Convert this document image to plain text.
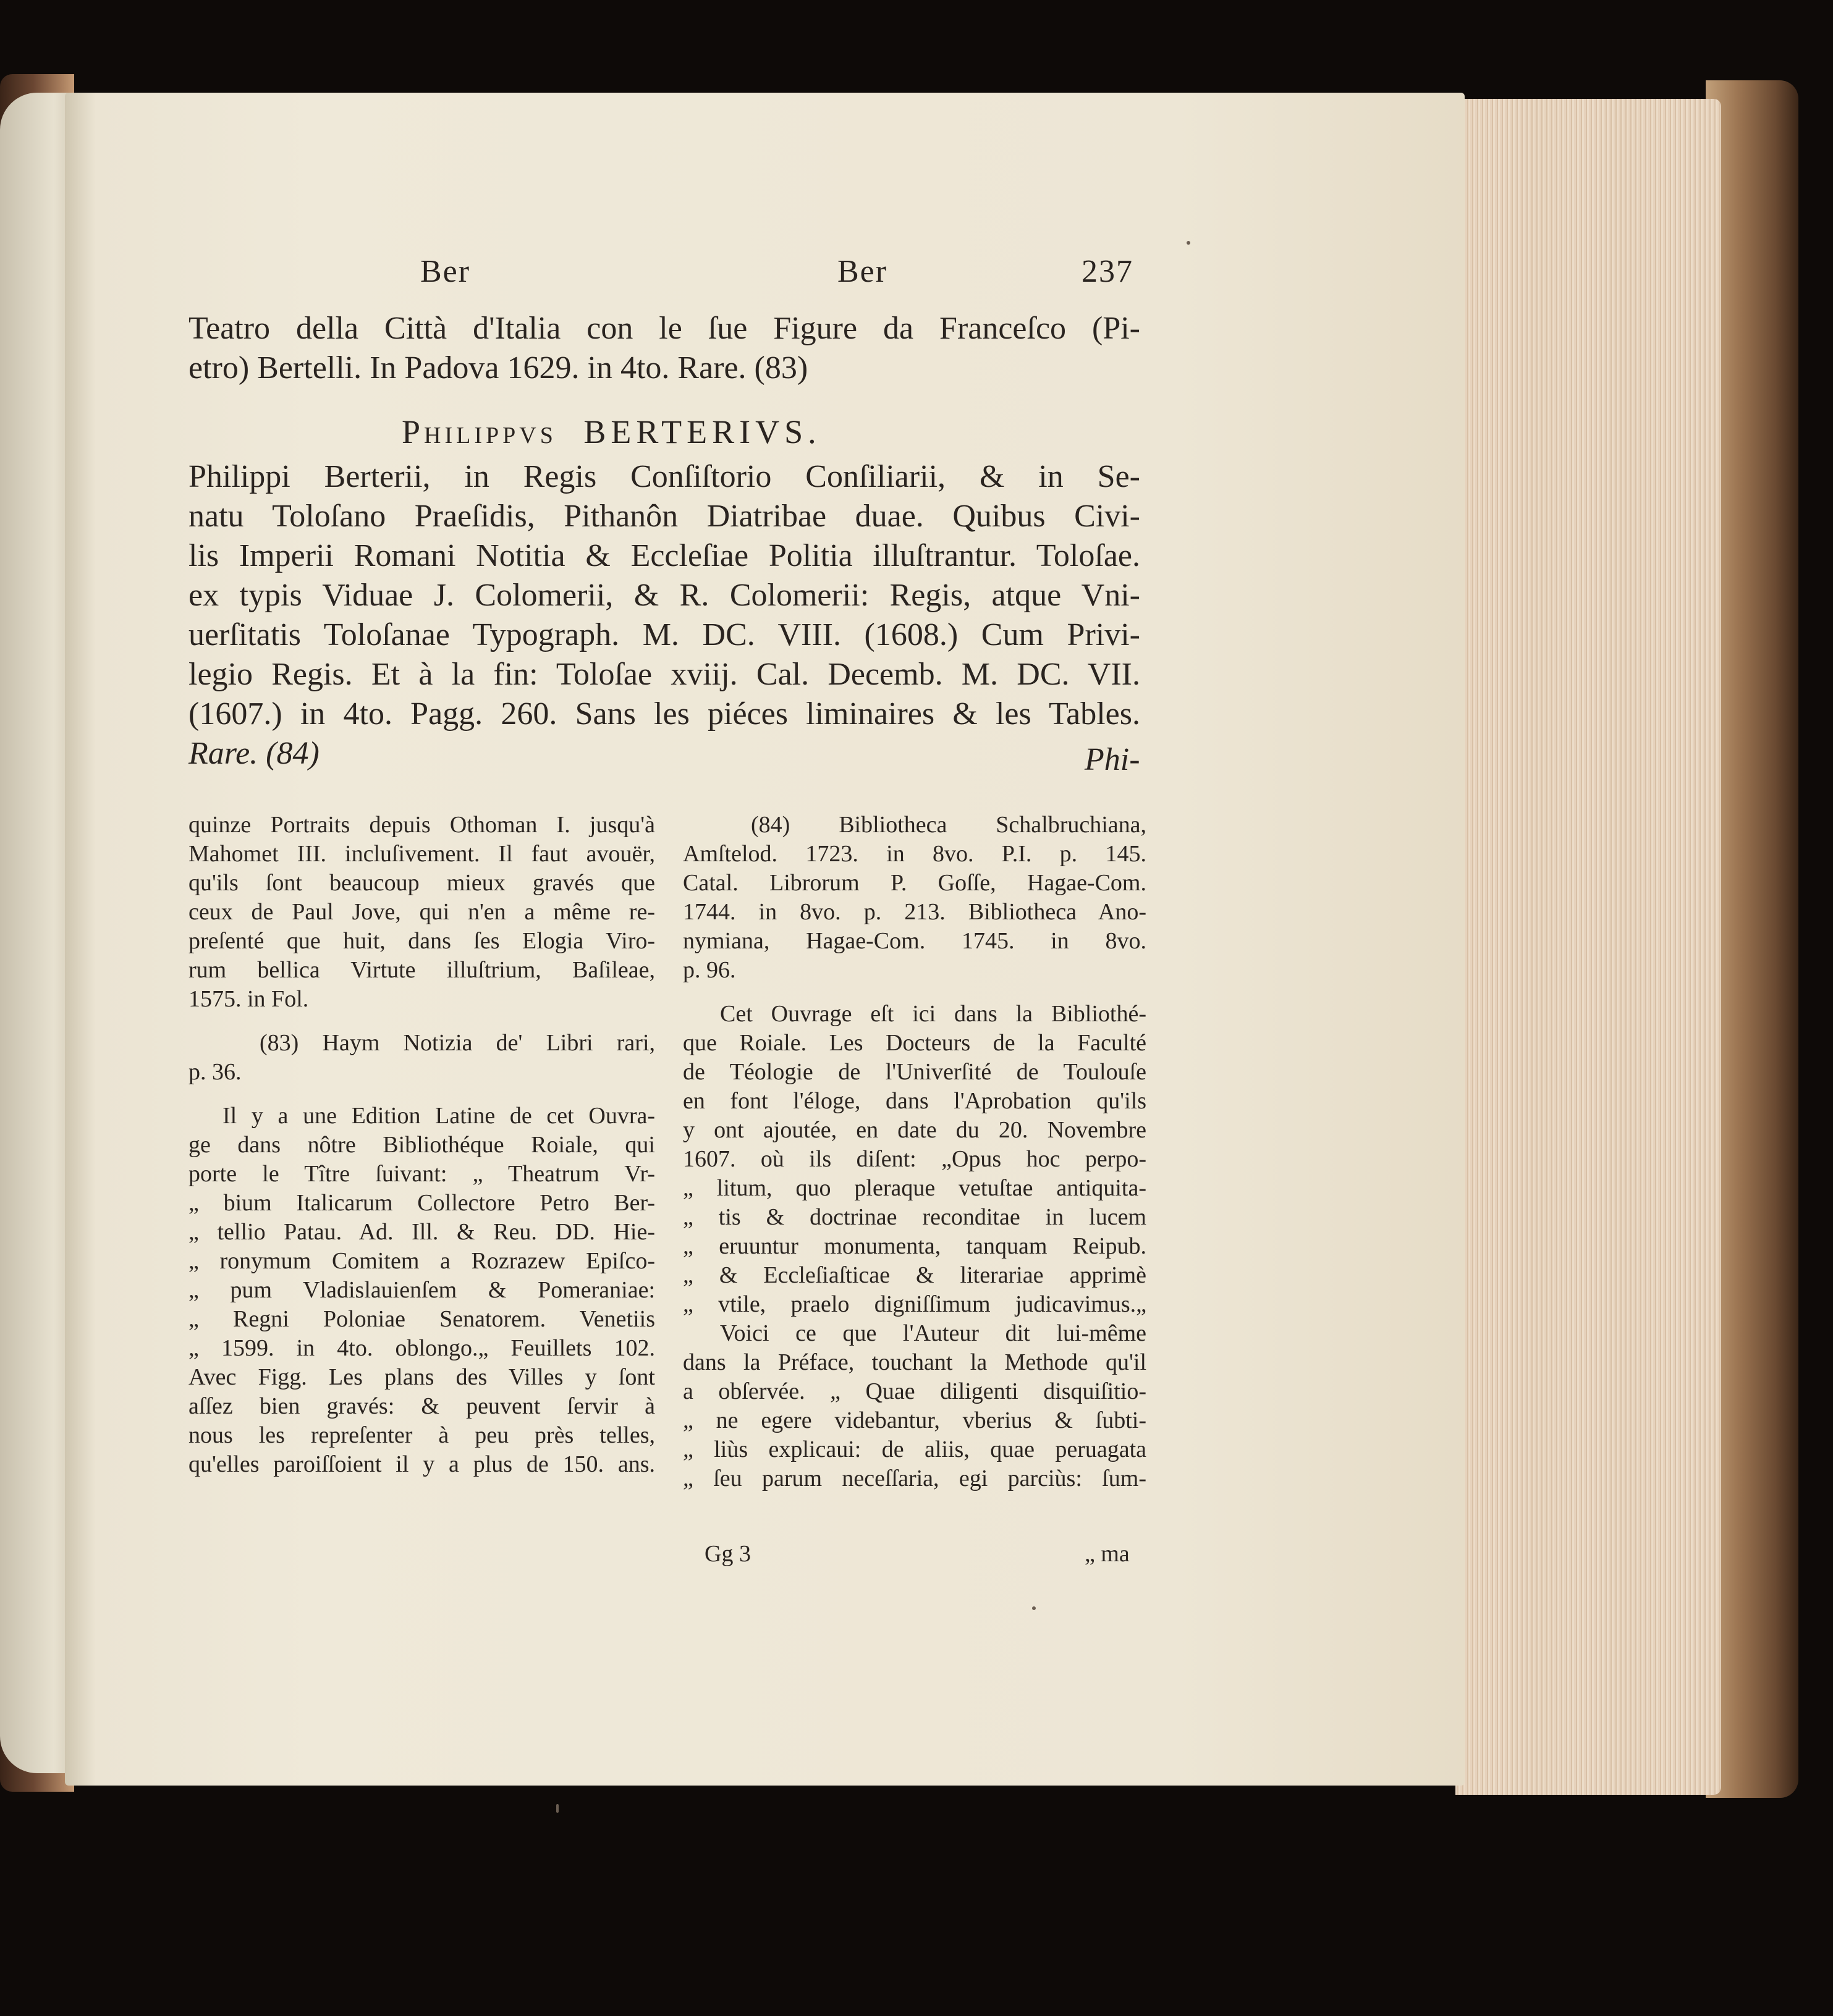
Ber	Ber	237
Teatro della Città d'Italia con le ſue Figure da Franceſco (Pi-
etro) Bertelli. In Padova 1629. in 4to. Rare. (83)
Philippvs BERTERIVS.
Philippi Berterii, in Regis Conſiſtorio Conſiliarii, & in Se-
natu Toloſano Praeſidis, Pithanôn Diatribae duae. Quibus Civi-
lis Imperii Romani Notitia & Eccleſiae Politia illuſtrantur. Toloſae.
ex typis Viduae J. Colomerii, & R. Colomerii: Regis, atque Vni-
uerſitatis Toloſanae Typograph. M. DC. VIII. (1608.) Cum Privi-
legio Regis. Et à la fin: Toloſae xviij. Cal. Decemb. M. DC. VII.
(1607.) in 4to. Pagg. 260. Sans les piéces liminaires & les Tables.
Rare. (84)	Phi-
quinze Portraits depuis Othoman I. jusqu'à
Mahomet III. incluſivement. Il faut avouër,
qu'ils ſont beaucoup mieux gravés que
ceux de Paul Jove, qui n'en a même re-
preſenté que huit, dans ſes Elogia Viro-
rum bellica Virtute illuſtrium, Baſileae,
1575. in Fol.
(83) Haym Notizia de' Libri rari,
p. 36.
Il y a une Edition Latine de cet Ouvra-
ge dans nôtre Bibliothéque Roiale, qui
porte le Tître ſuivant: „ Theatrum Vr-
„ bium Italicarum Collectore Petro Ber-
„ tellio Patau. Ad. Ill. & Reu. DD. Hie-
„ ronymum Comitem a Rozrazew Epiſco-
„ pum Vladislauienſem & Pomeraniae:
„ Regni Poloniae Senatorem. Venetiis
„ 1599. in 4to. oblongo.„ Feuillets 102.
Avec Figg. Les plans des Villes y ſont
aſſez bien gravés: & peuvent ſervir à
nous les repreſenter à peu près telles,
qu'elles paroiſſoient il y a plus de 150. ans.
(84) Bibliotheca Schalbruchiana,
Amſtelod. 1723. in 8vo. P.I. p. 145.
Catal. Librorum P. Goſſe, Hagae-Com.
1744. in 8vo. p. 213. Bibliotheca Ano-
nymiana, Hagae-Com. 1745. in 8vo.
p. 96.
Cet Ouvrage eſt ici dans la Bibliothé-
que Roiale. Les Docteurs de la Faculté
de Téologie de l'Univerſité de Toulouſe
en font l'éloge, dans l'Aprobation qu'ils
y ont ajoutée, en date du 20. Novembre
1607. où ils diſent: „Opus hoc perpo-
„ litum, quo pleraque vetuſtae antiquita-
„ tis & doctrinae reconditae in lucem
„ eruuntur monumenta, tanquam Reipub.
„ & Eccleſiaſticae & literariae apprimè
„ vtile, praelo digniſſimum judicavimus.„
Voici ce que l'Auteur dit lui-même
dans la Préface, touchant la Methode qu'il
a obſervée. „ Quae diligenti disquiſitio-
„ ne egere videbantur, vberius & ſubti-
„ liùs explicaui: de aliis, quae peruagata
„ ſeu parum neceſſaria, egi parciùs: ſum-
Gg 3	„ ma
